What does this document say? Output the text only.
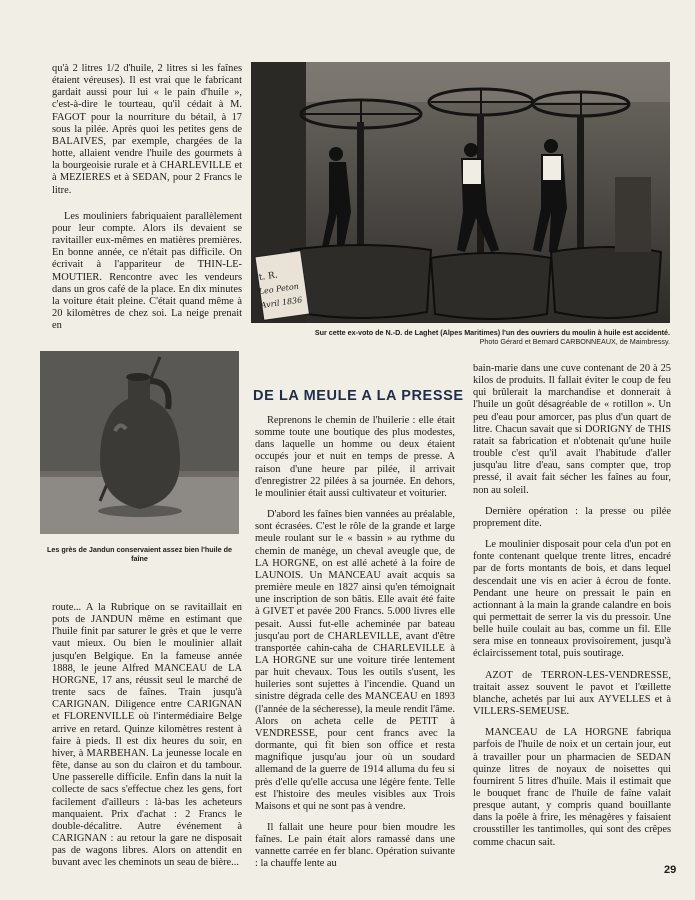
qu'à 2 litres 1/2 d'huile, 2 litres si les faînes étaient véreuses). Il est vrai que le fabricant gardait aussi pour lui « le pain d'huile », c'est-à-dire le tourteau, qu'il cédait à M. FAGOT pour la nourriture du bétail, à 17 sous la pilée. Après quoi les petites gens de BALAIVES, par exemple, chargées de la hotte, allaient vendre l'huile des gourmets à la bourgeoisie rurale et à CHARLEVILLE et à MEZIERES et à SEDAN, pour 2 Francs le litre.

Les mouliniers fabriquaient parallèlement pour leur compte. Alors ils devaient se ravitailler eux-mêmes en matières premières. En bonne année, ce n'était pas difficile. On écrivait à l'appariteur de THIN-LE-MOUTIER. Rencontre avec les vendeurs dans un gros café de la place. En dix minutes la voiture était pleine. C'était quand même à 20 kilomètres de chez soi. La neige prenait en

t. R.
Leo Peton
Avril 1836
Sur cette ex-voto de N.-D. de Laghet (Alpes Maritimes) l'un des ouvriers du moulin à huile est accidenté.
Photo Gérard et Bernard CARBONNEAUX, de Maimbressy.
Les grès de Jandun conservaient assez bien l'huile de faîne

route... A la Rubrique on se ravitaillait en pots de JANDUN même en estimant que l'huile finit par saturer le grès et que le verre vaut mieux. Ou bien le moulinier allait jusqu'en Belgique. En la fameuse année 1888, le jeune Alfred MANCEAU de LA HORGNE, 17 ans, réussit seul le marché de trente sacs de faînes. Train jusqu'à CARIGNAN. Diligence entre CARIGNAN et FLORENVILLE où l'intermédiaire Belge arrive en retard. Quinze kilomètres restent à faire à pieds. Il est dix heures du soir, en hiver, à MARBEHAN. La jeunesse locale en fête, danse au son du clairon et du tambour. Une passerelle difficile. Enfin dans la nuit la collecte de sacs s'effectue chez les gens, fort facilement d'ailleurs : là-bas les acheteurs manquaient. Prix d'achat : 2 Francs le double-décalitre. Autre événement à CARIGNAN : au retour la gare ne disposait pas de wagons libres. Alors on attendit en buvant avec les cheminots un seau de bière...

DE LA MEULE A LA PRESSE

Reprenons le chemin de l'huilerie : elle était somme toute une boutique des plus modestes, dans laquelle un homme ou deux étaient occupés jour et nuit en temps de presse. A raison d'une heure par pilée, il arrivait d'enregistrer 22 pilées à sa journée. En dehors, le moulinier était aussi cultivateur et voiturier.

D'abord les faînes bien vannées au préalable, sont écrasées. C'est le rôle de la grande et large meule roulant sur le « bassin » au rythme du chemin de manège, un cheval aveugle que, de LA HORGNE, on est allé acheté à la foire de LAUNOIS. Un MANCEAU avait acquis sa première meule en 1827 ainsi qu'en témoignait une inscription de son bâtis. Elle avait été faite à GIVET et pavée 200 Francs. 5.000 livres elle pesait. Aussi fut-elle acheminée par bateau jusqu'au port de CHARLEVILLE, avant d'être transportée cahin-caha de CHARLEVILLE à LA HORGNE sur une voiture tirée lentement par huit chevaux. Tous les outils s'usent, les huileries sont sujettes à l'incendie. Quand un sinistre dégrada celle des MANCEAU en 1893 (l'année de la sécheresse), la meule rendit l'âme. Alors on acheta celle de PETIT à VENDRESSE, pour cent francs avec la dormante, qui fit bien son office et resta magnifique jusqu'au jour où un soudard allemand de la guerre de 1914 alluma du feu si près d'elle qu'elle accusa une légère fente. Telle est l'histoire des meules visibles aux Trois Maisons et qui ne sont pas à vendre.

Il fallait une heure pour bien moudre les faînes. Le pain était alors ramassé dans une vannette carrée en fer blanc. Opération suivante : la chauffe lente au

bain-marie dans une cuve contenant de 20 à 25 kilos de produits. Il fallait éviter le coup de feu qui brûlerait la marchandise et donnerait à l'huile un goût désagréable de « rotillon ». Un peu d'eau pour amorcer, pas plus d'un quart de litre. Chacun savait que si DORIGNY de THIS ratait sa fabrication et n'obtenait qu'une huile trouble c'est qu'il avait l'habitude d'aller jusqu'au litre d'eau, sans compter que, trop pressé, il avait fait sécher les faînes au four, non au soleil.

Dernière opération : la presse ou pilée proprement dite.

Le moulinier disposait pour cela d'un pot en fonte contenant quelque trente litres, encadré par de forts montants de bois, et dans lequel descendait une vis en acier à écrou de fonte. Pendant une heure on pressait le pain en actionnant à la main la grande calandre en bois qui permettait de serrer la vis du pressoir. Une belle huile coulait au bas, comme un fil. Elle sera mise en tonneaux provisoirement, jusqu'à éclaircissement total, puis soutirage.

AZOT de TERRON-LES-VENDRESSE, traitait assez souvent le pavot et l'œillette blanche, achetés par lui aux AYVELLES et à VILLERS-SEMEUSE.

MANCEAU de LA HORGNE fabriqua parfois de l'huile de noix et un certain jour, eut à travailler pour un pharmacien de SEDAN quinze litres de noyaux de noisettes qui fournirent 5 litres d'huile. Mais il estimait que le bouquet franc de l'huile de faîne valait presque autant, y compris quand bouillante dans la poêle à frire, les ménagères y faisaient crousstiller les tantimolles, qui sont des crêpes comme chacun sait.

29
